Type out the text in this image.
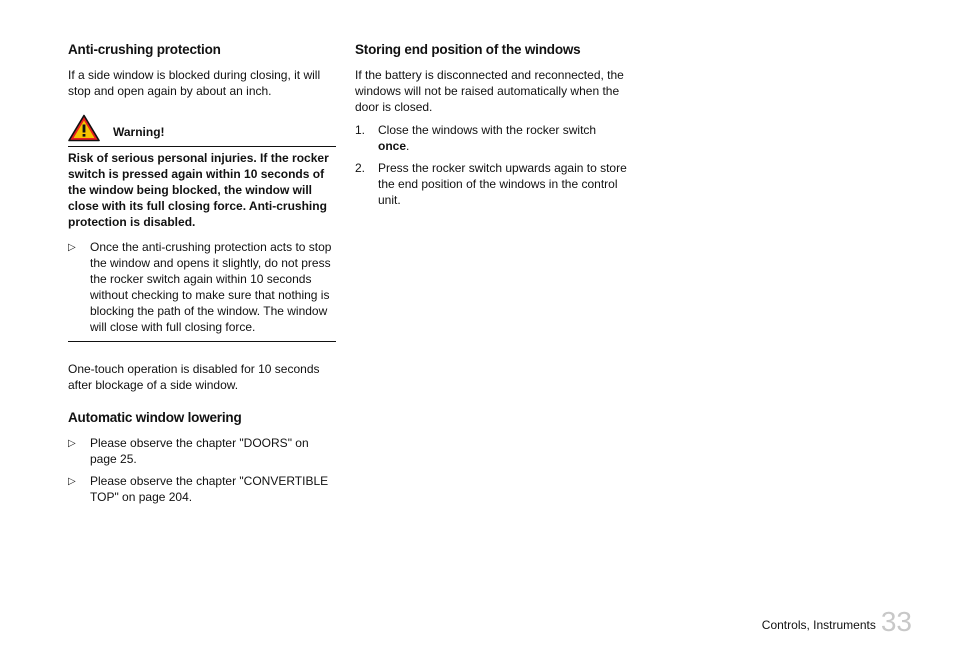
Anti-crushing protection

If a side window is blocked during closing, it will stop and open again by about an inch.

Warning!
Risk of serious personal injuries. If the rocker switch is pressed again within 10 seconds of the window being blocked, the window will close with its full closing force. Anti-crushing protection is disabled.
▷	Once the anti-crushing protection acts to stop the window and opens it slightly, do not press the rocker switch again within 10 seconds without checking to make sure that nothing is blocking the path of the window. The window will close with full closing force.

One-touch operation is disabled for 10 seconds after blockage of a side window.

Automatic window lowering
▷	Please observe the chapter "DOORS" on page 25.
▷	Please observe the chapter "CONVERTIBLE TOP" on page 204.
Storing end position of the windows

If the battery is disconnected and reconnected, the windows will not be raised automatically when the door is closed.

1.	Close the windows with the rocker switch once.
2.	Press the rocker switch upwards again to store the end position of the windows in the control unit.
Controls, Instruments 33
